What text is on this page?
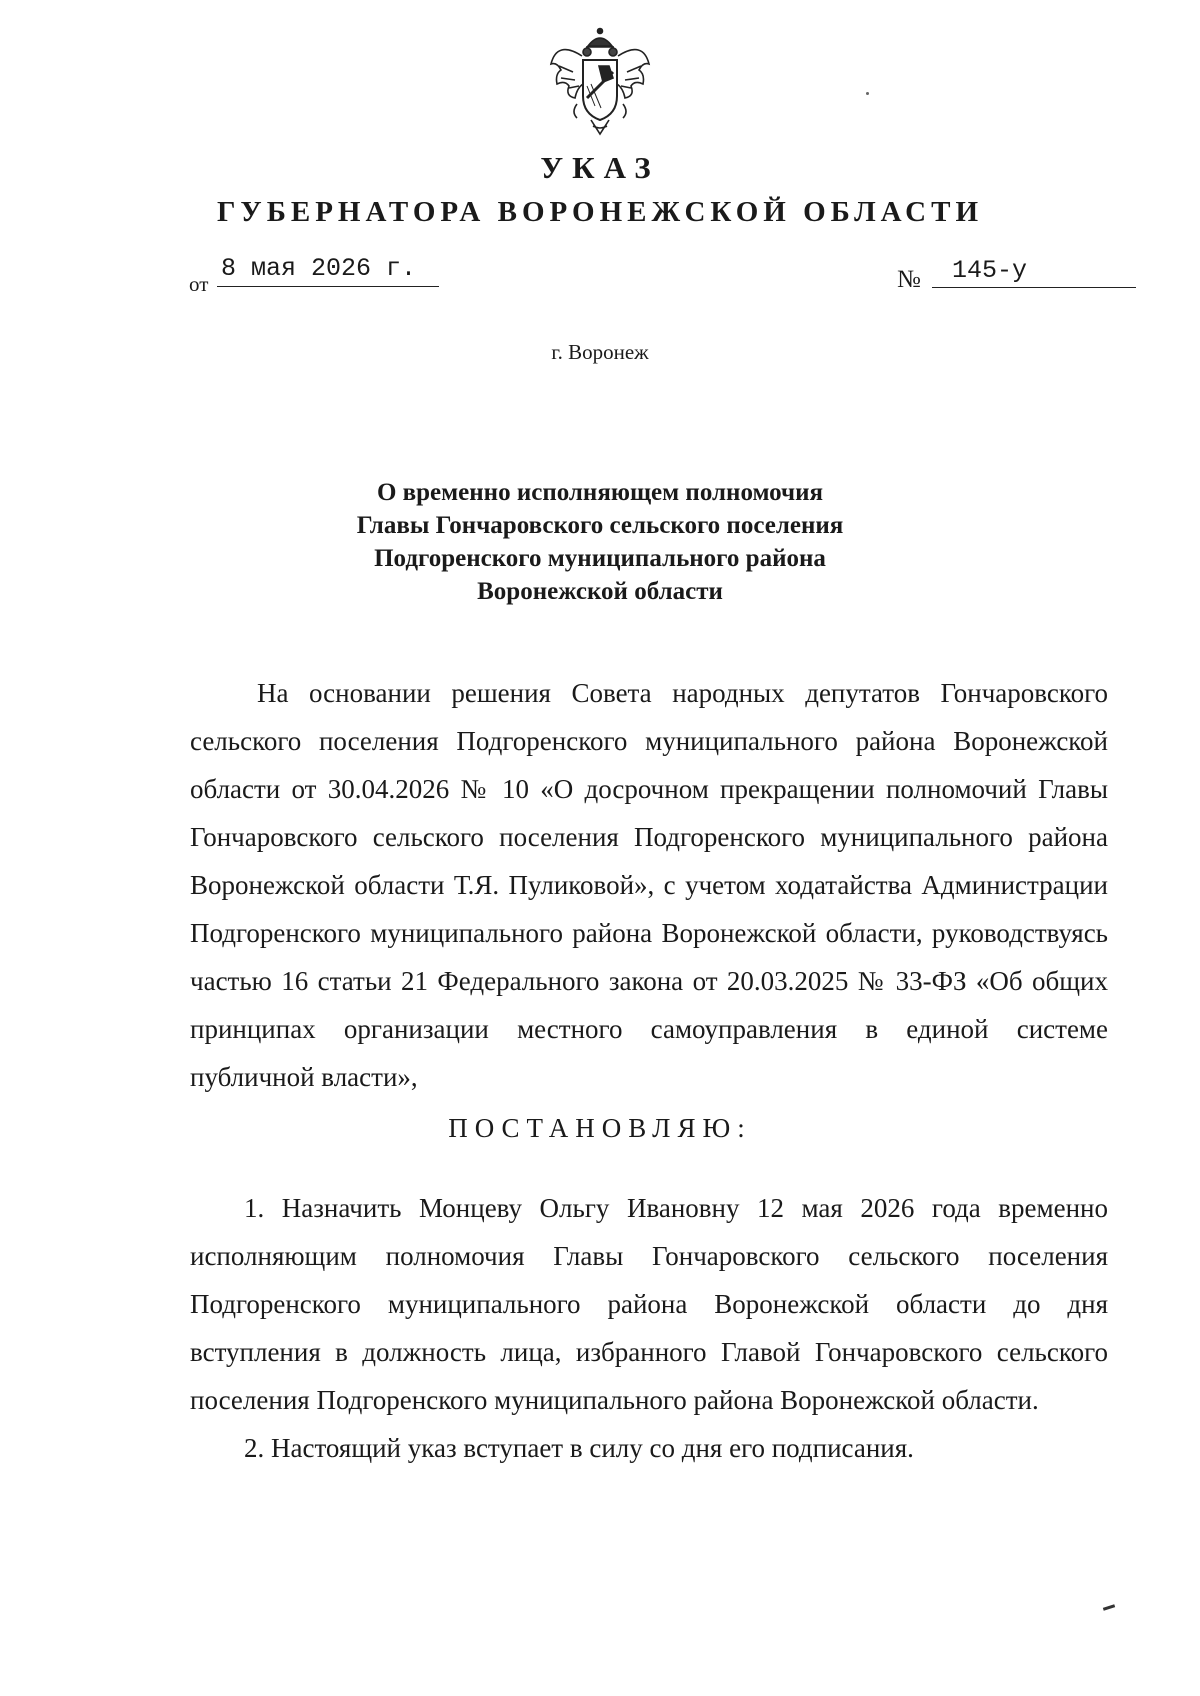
УКАЗ
ГУБЕРНАТОРА ВОРОНЕЖСКОЙ ОБЛАСТИ
от
8 мая 2026 г.	№	145-у
г. Воронеж
О временно исполняющем полномочия
Главы Гончаровского сельского поселения
Подгоренского муниципального района
Воронежской области
На основании решения Совета народных депутатов Гончаровского сельского поселения Подгоренского муниципального района Воронежской области от 30.04.2026 № 10 «О досрочном прекращении полномочий Главы Гончаровского сельского поселения Подгоренского муниципального района Воронежской области Т.Я. Пуликовой», с учетом ходатайства Администрации Подгоренского муниципального района Воронежской области, руководствуясь частью 16 статьи 21 Федерального закона от 20.03.2025 № 33-ФЗ «Об общих принципах организации местного самоуправления в единой системе публичной власти»,
ПОСТАНОВЛЯЮ:
1. Назначить Монцеву Ольгу Ивановну 12 мая 2026 года временно исполняющим полномочия Главы Гончаровского сельского поселения Подгоренского муниципального района Воронежской области до дня вступления в должность лица, избранного Главой Гончаровского сельского поселения Подгоренского муниципального района Воронежской области.
2. Настоящий указ вступает в силу со дня его подписания.
